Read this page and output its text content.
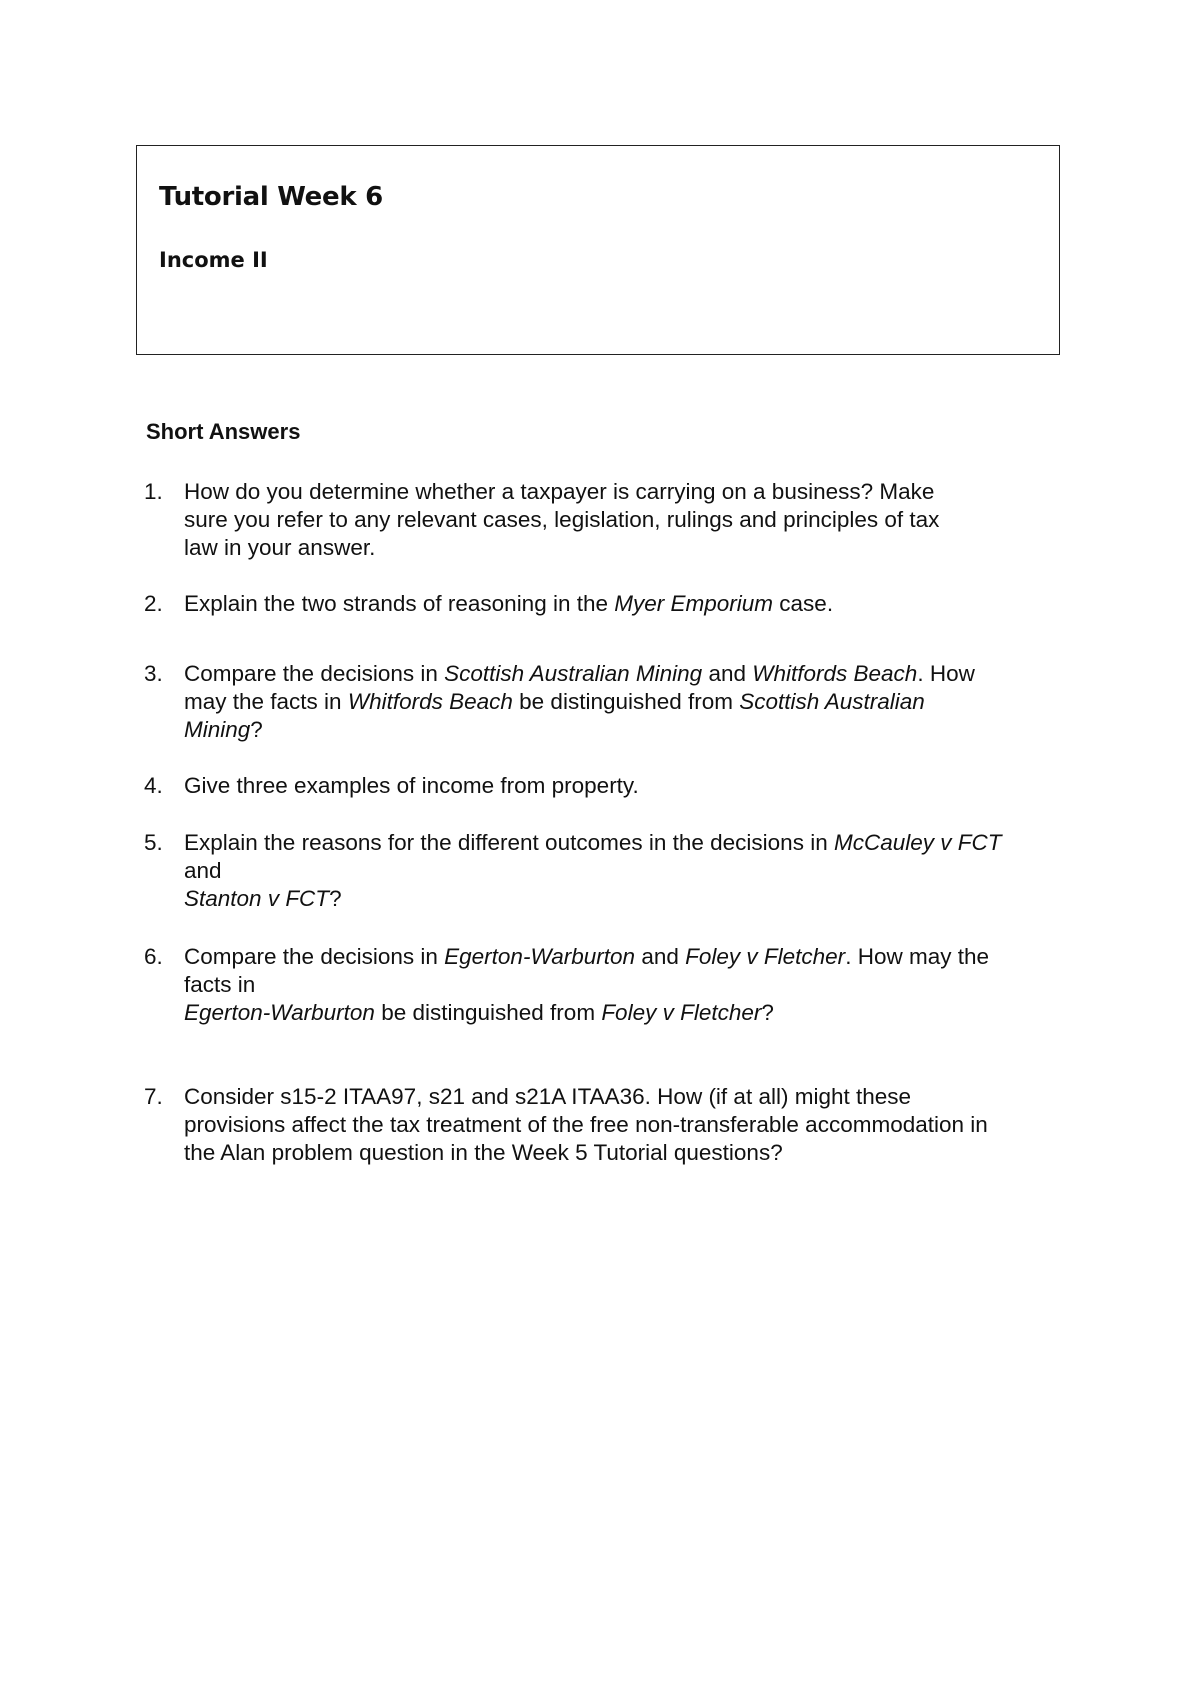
Tutorial Week 6
Income II
Short Answers
1. How do you determine whether a taxpayer is carrying on a business? Make
sure you refer to any relevant cases, legislation, rulings and principles of tax
law in your answer.
2. Explain the two strands of reasoning in the Myer Emporium case.
3. Compare the decisions in Scottish Australian Mining and Whitfords Beach. How
may the facts in Whitfords Beach be distinguished from Scottish Australian
Mining?
4. Give three examples of income from property.
5. Explain the reasons for the different outcomes in the decisions in McCauley v FCT
and
Stanton v FCT?
6. Compare the decisions in Egerton-Warburton and Foley v Fletcher. How may the
facts in
Egerton-Warburton be distinguished from Foley v Fletcher?
7. Consider s15-2 ITAA97, s21 and s21A ITAA36. How (if at all) might these
provisions affect the tax treatment of the free non-transferable accommodation in
the Alan problem question in the Week 5 Tutorial questions?
